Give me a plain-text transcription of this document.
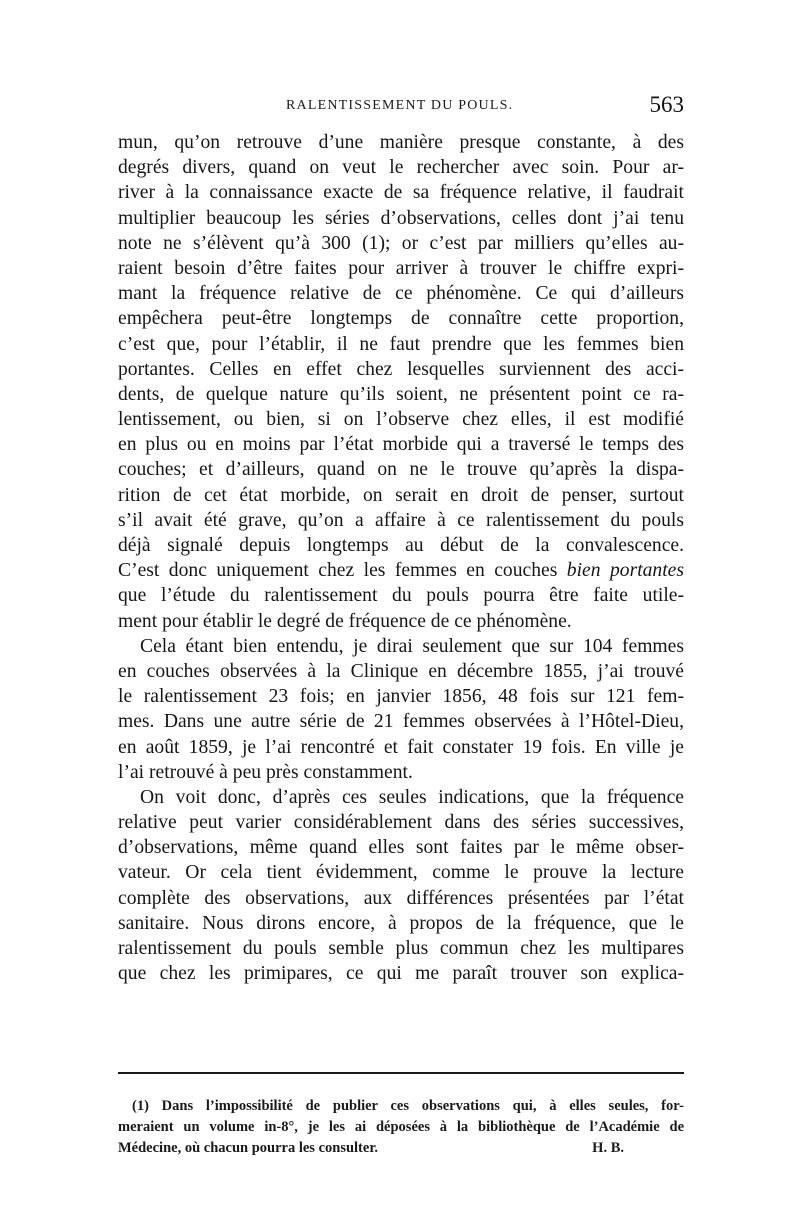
RALENTISSEMENT DU POULS.	563
mun, qu’on retrouve d’une manière presque constante, à des
degrés divers, quand on veut le rechercher avec soin. Pour ar-
river à la connaissance exacte de sa fréquence relative, il faudrait
multiplier beaucoup les séries d’observations, celles dont j’ai tenu
note ne s’élèvent qu’à 300 (1); or c’est par milliers qu’elles au-
raient besoin d’être faites pour arriver à trouver le chiffre expri-
mant la fréquence relative de ce phénomène. Ce qui d’ailleurs
empêchera peut-être longtemps de connaître cette proportion,
c’est que, pour l’établir, il ne faut prendre que les femmes bien
portantes. Celles en effet chez lesquelles surviennent des acci-
dents, de quelque nature qu’ils soient, ne présentent point ce ra-
lentissement, ou bien, si on l’observe chez elles, il est modifié
en plus ou en moins par l’état morbide qui a traversé le temps des
couches; et d’ailleurs, quand on ne le trouve qu’après la dispa-
rition de cet état morbide, on serait en droit de penser, surtout
s’il avait été grave, qu’on a affaire à ce ralentissement du pouls
déjà signalé depuis longtemps au début de la convalescence.
C’est donc uniquement chez les femmes en couches bien portantes
que l’étude du ralentissement du pouls pourra être faite utile-
ment pour établir le degré de fréquence de ce phénomène.
Cela étant bien entendu, je dirai seulement que sur 104 femmes
en couches observées à la Clinique en décembre 1855, j’ai trouvé
le ralentissement 23 fois; en janvier 1856, 48 fois sur 121 fem-
mes. Dans une autre série de 21 femmes observées à l’Hôtel-Dieu,
en août 1859, je l’ai rencontré et fait constater 19 fois. En ville je
l’ai retrouvé à peu près constamment.
On voit donc, d’après ces seules indications, que la fréquence
relative peut varier considérablement dans des séries successives,
d’observations, même quand elles sont faites par le même obser-
vateur. Or cela tient évidemment, comme le prouve la lecture
complète des observations, aux différences présentées par l’état
sanitaire. Nous dirons encore, à propos de la fréquence, que le
ralentissement du pouls semble plus commun chez les multipares
que chez les primipares, ce qui me paraît trouver son explica-
(1) Dans l’impossibilité de publier ces observations qui, à elles seules, for-
meraient un volume in-8°, je les ai déposées à la bibliothèque de l’Académie de
Médecine, où chacun pourra les consulter.	H. B.
